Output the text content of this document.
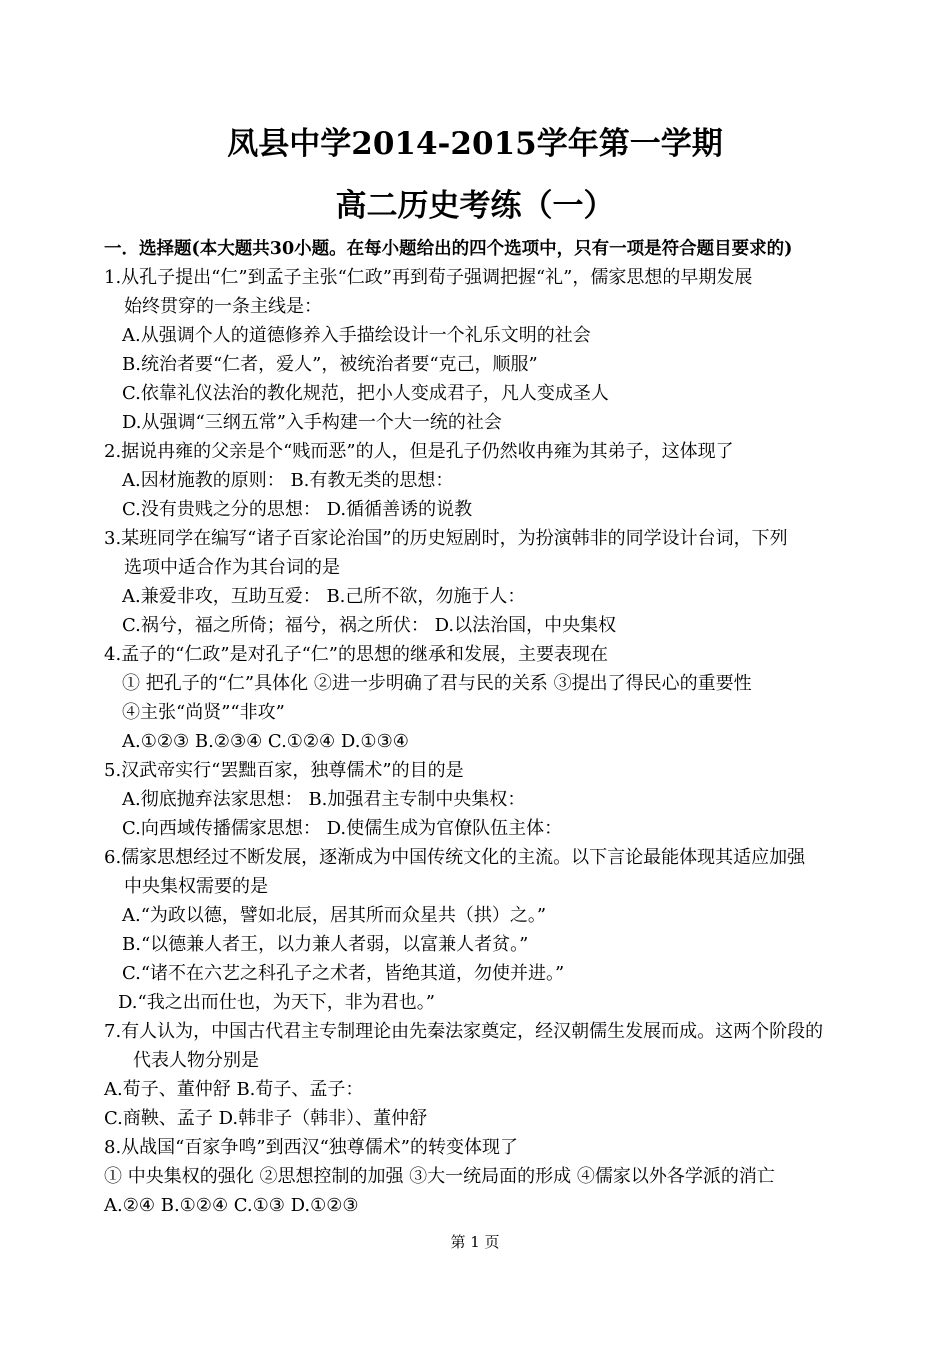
凤县中学2014-2015学年第一学期
高二历史考练（一）

一．选择题(本大题共30小题。在每小题给出的四个选项中，只有一项是符合题目要求的)

1.从孔子提出“仁”到孟子主张“仁政”再到荀子强调把握“礼”，儒家思想的早期发展
始终贯穿的一条主线是：
A.从强调个人的道德修养入手描绘设计一个礼乐文明的社会
B.统治者要“仁者，爱人”，被统治者要“克己，顺服”
C.依靠礼仪法治的教化规范，把小人变成君子，凡人变成圣人
D.从强调“三纲五常”入手构建一个大一统的社会
2.据说冉雍的父亲是个“贱而恶”的人，但是孔子仍然收冉雍为其弟子，这体现了
A.因材施教的原则： B.有教无类的思想：
C.没有贵贱之分的思想： D.循循善诱的说教
3.某班同学在编写“诸子百家论治国”的历史短剧时，为扮演韩非的同学设计台词，下列
选项中适合作为其台词的是
A.兼爱非攻，互助互爱： B.己所不欲，勿施于人：
C.祸兮，福之所倚；福兮，祸之所伏： D.以法治国，中央集权
4.孟子的“仁政”是对孔子“仁”的思想的继承和发展，主要表现在
① 把孔子的“仁”具体化 ②进一步明确了君与民的关系 ③提出了得民心的重要性
④主张“尚贤”“非攻”
A.①②③ B.②③④ C.①②④ D.①③④
5.汉武帝实行“罢黜百家，独尊儒术”的目的是
A.彻底抛弃法家思想： B.加强君主专制中央集权：
C.向西域传播儒家思想： D.使儒生成为官僚队伍主体：
6.儒家思想经过不断发展，逐渐成为中国传统文化的主流。以下言论最能体现其适应加强
中央集权需要的是
A.“为政以德，譬如北辰，居其所而众星共（拱）之。”
B.“以德兼人者王，以力兼人者弱，以富兼人者贫。”
C.“诸不在六艺之科孔子之术者，皆绝其道，勿使并进。”
D.“我之出而仕也，为天下，非为君也。”
7.有人认为，中国古代君主专制理论由先秦法家奠定，经汉朝儒生发展而成。这两个阶段的
代表人物分别是
A.荀子、董仲舒 B.荀子、孟子：
C.商鞅、孟子 D.韩非子（韩非）、董仲舒
8.从战国“百家争鸣”到西汉“独尊儒术”的转变体现了
① 中央集权的强化 ②思想控制的加强 ③大一统局面的形成 ④儒家以外各学派的消亡
A.②④ B.①②④ C.①③ D.①②③
第 1 页
